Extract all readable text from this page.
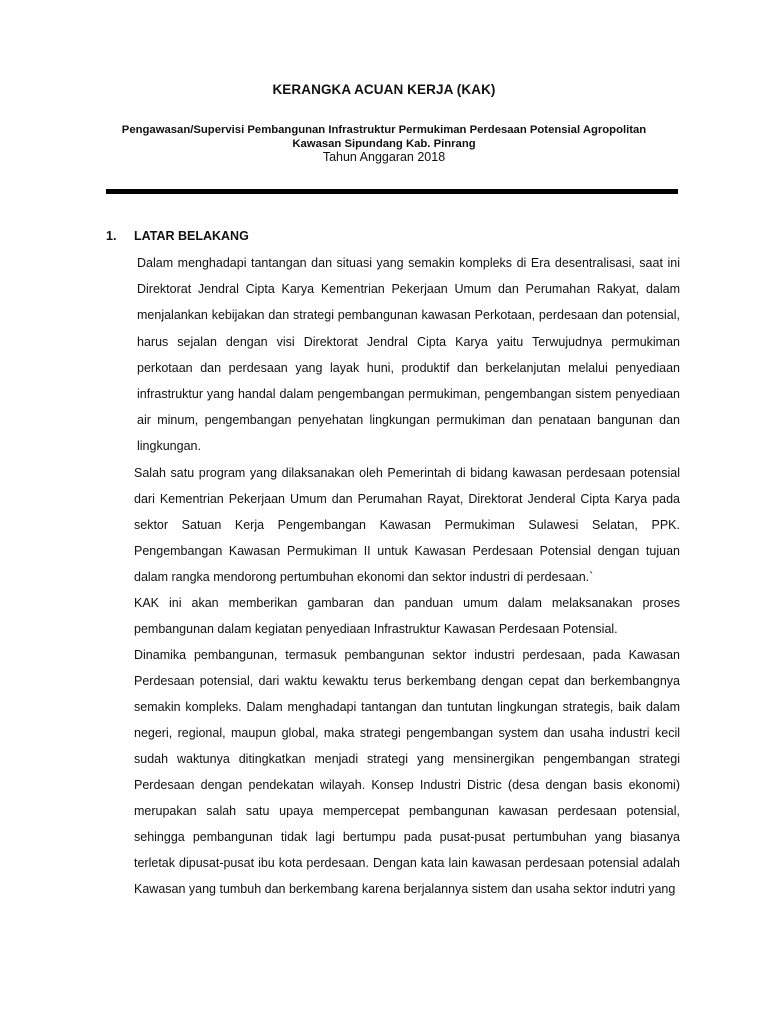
KERANGKA ACUAN KERJA (KAK)
Pengawasan/Supervisi Pembangunan Infrastruktur Permukiman Perdesaan Potensial Agropolitan Kawasan Sipundang Kab. Pinrang
Tahun Anggaran 2018
1. LATAR BELAKANG

Dalam menghadapi tantangan dan situasi yang semakin kompleks di Era desentralisasi, saat ini Direktorat Jendral Cipta Karya Kementrian Pekerjaan Umum dan Perumahan Rakyat, dalam menjalankan kebijakan dan strategi pembangunan kawasan Perkotaan, perdesaan dan potensial, harus sejalan dengan visi Direktorat Jendral Cipta Karya yaitu Terwujudnya permukiman perkotaan dan perdesaan yang layak huni, produktif dan berkelanjutan melalui penyediaan infrastruktur yang handal dalam pengembangan permukiman, pengembangan sistem penyediaan air minum, pengembangan penyehatan lingkungan permukiman dan penataan bangunan dan lingkungan.

Salah satu program yang dilaksanakan oleh Pemerintah di bidang kawasan perdesaan potensial dari Kementrian Pekerjaan Umum dan Perumahan Rayat, Direktorat Jenderal Cipta Karya pada sektor Satuan Kerja Pengembangan Kawasan Permukiman Sulawesi Selatan, PPK. Pengembangan Kawasan Permukiman II untuk Kawasan Perdesaan Potensial dengan tujuan dalam rangka mendorong pertumbuhan ekonomi dan sektor industri di perdesaan.`

KAK ini akan memberikan gambaran dan panduan umum dalam melaksanakan proses pembangunan dalam kegiatan penyediaan Infrastruktur Kawasan Perdesaan Potensial.

Dinamika pembangunan, termasuk pembangunan sektor industri perdesaan, pada Kawasan Perdesaan potensial, dari waktu kewaktu terus berkembang dengan cepat dan berkembangnya semakin kompleks. Dalam menghadapi tantangan dan tuntutan lingkungan strategis, baik dalam negeri, regional, maupun global, maka strategi pengembangan system dan usaha industri kecil sudah waktunya ditingkatkan menjadi strategi yang mensinergikan pengembangan strategi Perdesaan dengan pendekatan wilayah. Konsep Industri Distric (desa dengan basis ekonomi) merupakan salah satu upaya mempercepat pembangunan kawasan perdesaan potensial, sehingga pembangunan tidak lagi bertumpu pada pusat-pusat pertumbuhan yang biasanya terletak dipusat-pusat ibu kota perdesaan. Dengan kata lain kawasan perdesaan potensial adalah Kawasan yang tumbuh dan berkembang karena berjalannya sistem dan usaha sektor indutri yang
